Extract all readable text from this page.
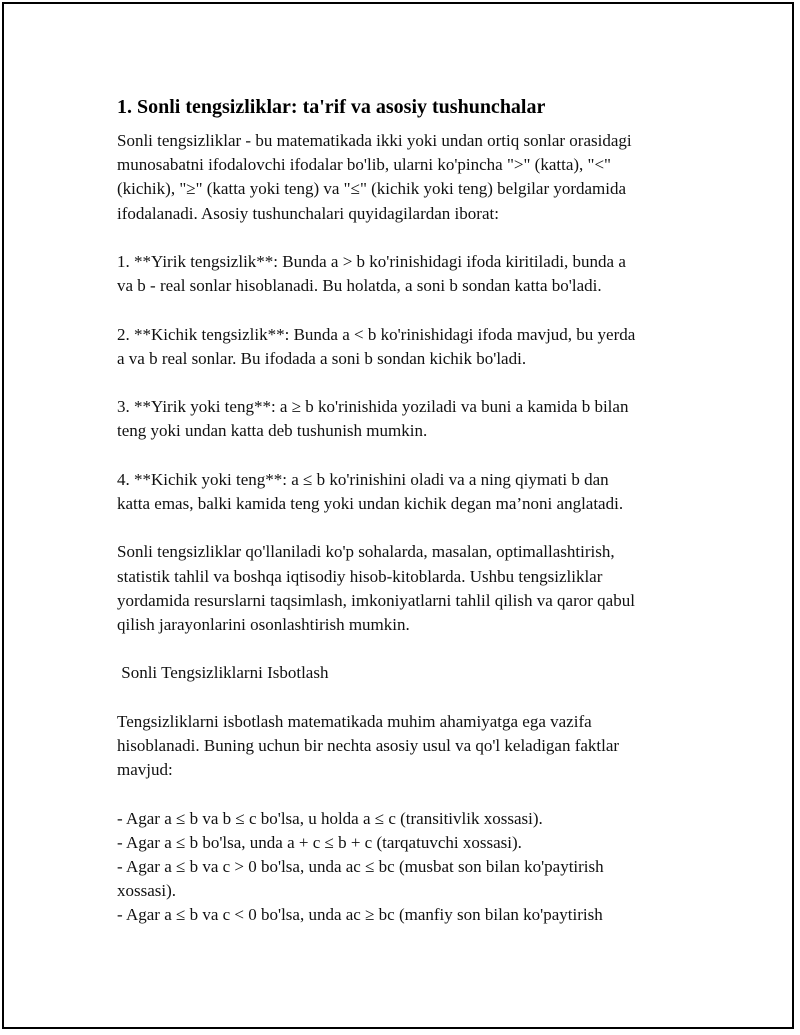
1. Sonli tengsizliklar: ta'rif va asosiy tushunchalar

Sonli tengsizliklar - bu matematikada ikki yoki undan ortiq sonlar orasidagi
munosabatni ifodalovchi ifodalar bo'lib, ularni ko'pincha ">" (katta), "<"
(kichik), "≥" (katta yoki teng) va "≤" (kichik yoki teng) belgilar yordamida
ifodalanadi. Asosiy tushunchalari quyidagilardan iborat:

1. **Yirik tengsizlik**: Bunda a > b ko'rinishidagi ifoda kiritiladi, bunda a
va b - real sonlar hisoblanadi. Bu holatda, a soni b sondan katta bo'ladi.

2. **Kichik tengsizlik**: Bunda a < b ko'rinishidagi ifoda mavjud, bu yerda
a va b real sonlar. Bu ifodada a soni b sondan kichik bo'ladi.

3. **Yirik yoki teng**: a ≥ b ko'rinishida yoziladi va buni a kamida b bilan
teng yoki undan katta deb tushunish mumkin.

4. **Kichik yoki teng**: a ≤ b ko'rinishini oladi va a ning qiymati b dan
katta emas, balki kamida teng yoki undan kichik degan ma’noni anglatadi.

Sonli tengsizliklar qo'llaniladi ko'p sohalarda, masalan, optimallashtirish,
statistik tahlil va boshqa iqtisodiy hisob-kitoblarda. Ushbu tengsizliklar
yordamida resurslarni taqsimlash, imkoniyatlarni tahlil qilish va qaror qabul
qilish jarayonlarini osonlashtirish mumkin.

Sonli Tengsizliklarni Isbotlash

Tengsizliklarni isbotlash matematikada muhim ahamiyatga ega vazifa
hisoblanadi. Buning uchun bir nechta asosiy usul va qo'l keladigan faktlar
mavjud:

- Agar a ≤ b va b ≤ c bo'lsa, u holda a ≤ c (transitivlik xossasi).
- Agar a ≤ b bo'lsa, unda a + c ≤ b + c (tarqatuvchi xossasi).
- Agar a ≤ b va c > 0 bo'lsa, unda ac ≤ bc (musbat son bilan ko'paytirish
xossasi).
- Agar a ≤ b va c < 0 bo'lsa, unda ac ≥ bc (manfiy son bilan ko'paytirish
